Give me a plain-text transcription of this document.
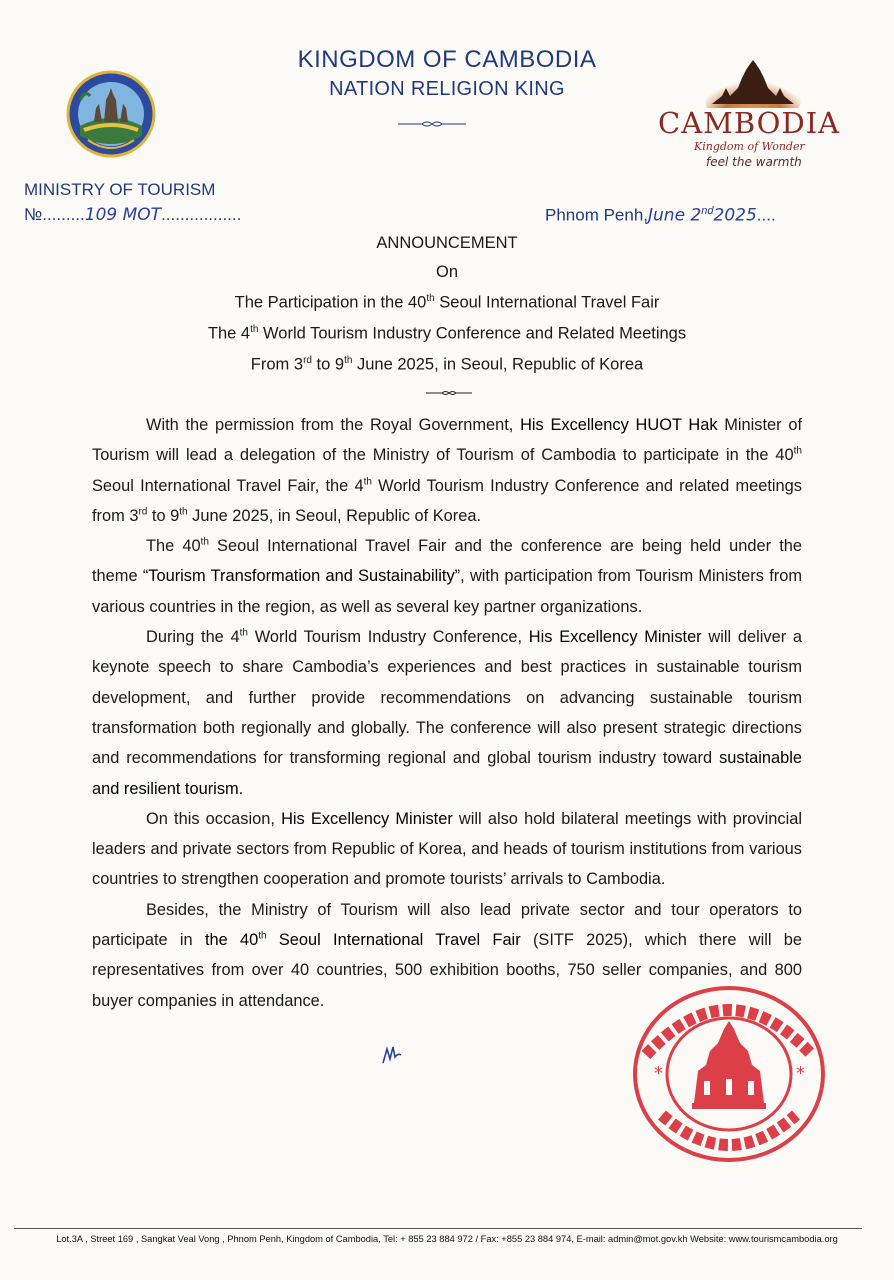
KINGDOM OF CAMBODIA
NATION RELIGION KING
CAMBODIA
Kingdom of Wonder
feel the warmth
MINISTRY OF TOURISM
№.........109 MOT.................	Phnom Penh,June 2nd2025....
ANNOUNCEMENT
On
The Participation in the 40th Seoul International Travel Fair
The 4th World Tourism Industry Conference and Related Meetings
From 3rd to 9th June 2025, in Seoul, Republic of Korea

With the permission from the Royal Government, His Excellency HUOT Hak Minister of Tourism will lead a delegation of the Ministry of Tourism of Cambodia to participate in the 40th Seoul International Travel Fair, the 4th World Tourism Industry Conference and related meetings from 3rd to 9th June 2025, in Seoul, Republic of Korea.

The 40th Seoul International Travel Fair and the conference are being held under the theme “Tourism Transformation and Sustainability”, with participation from Tourism Ministers from various countries in the region, as well as several key partner organizations.

During the 4th World Tourism Industry Conference, His Excellency Minister will deliver a keynote speech to share Cambodia’s experiences and best practices in sustainable tourism development, and further provide recommendations on advancing sustainable tourism transformation both regionally and globally. The conference will also present strategic directions and recommendations for transforming regional and global tourism industry toward sustainable and resilient tourism.

On this occasion, His Excellency Minister will also hold bilateral meetings with provincial leaders and private sectors from Republic of Korea, and heads of tourism institutions from various countries to strengthen cooperation and promote tourists’ arrivals to Cambodia.

Besides, the Ministry of Tourism will also lead private sector and tour operators to participate in the 40th Seoul International Travel Fair (SITF 2025), which there will be representatives from over 40 countries, 500 exhibition booths, 750 seller companies, and 800 buyer companies in attendance.

*	*
Lot.3A , Street 169 , Sangkat Veal Vong , Phnom Penh, Kingdom of Cambodia, Tel: + 855 23 884 972 / Fax: +855 23 884 974, E-mail: admin@mot.gov.kh Website: www.tourismcambodia.org
